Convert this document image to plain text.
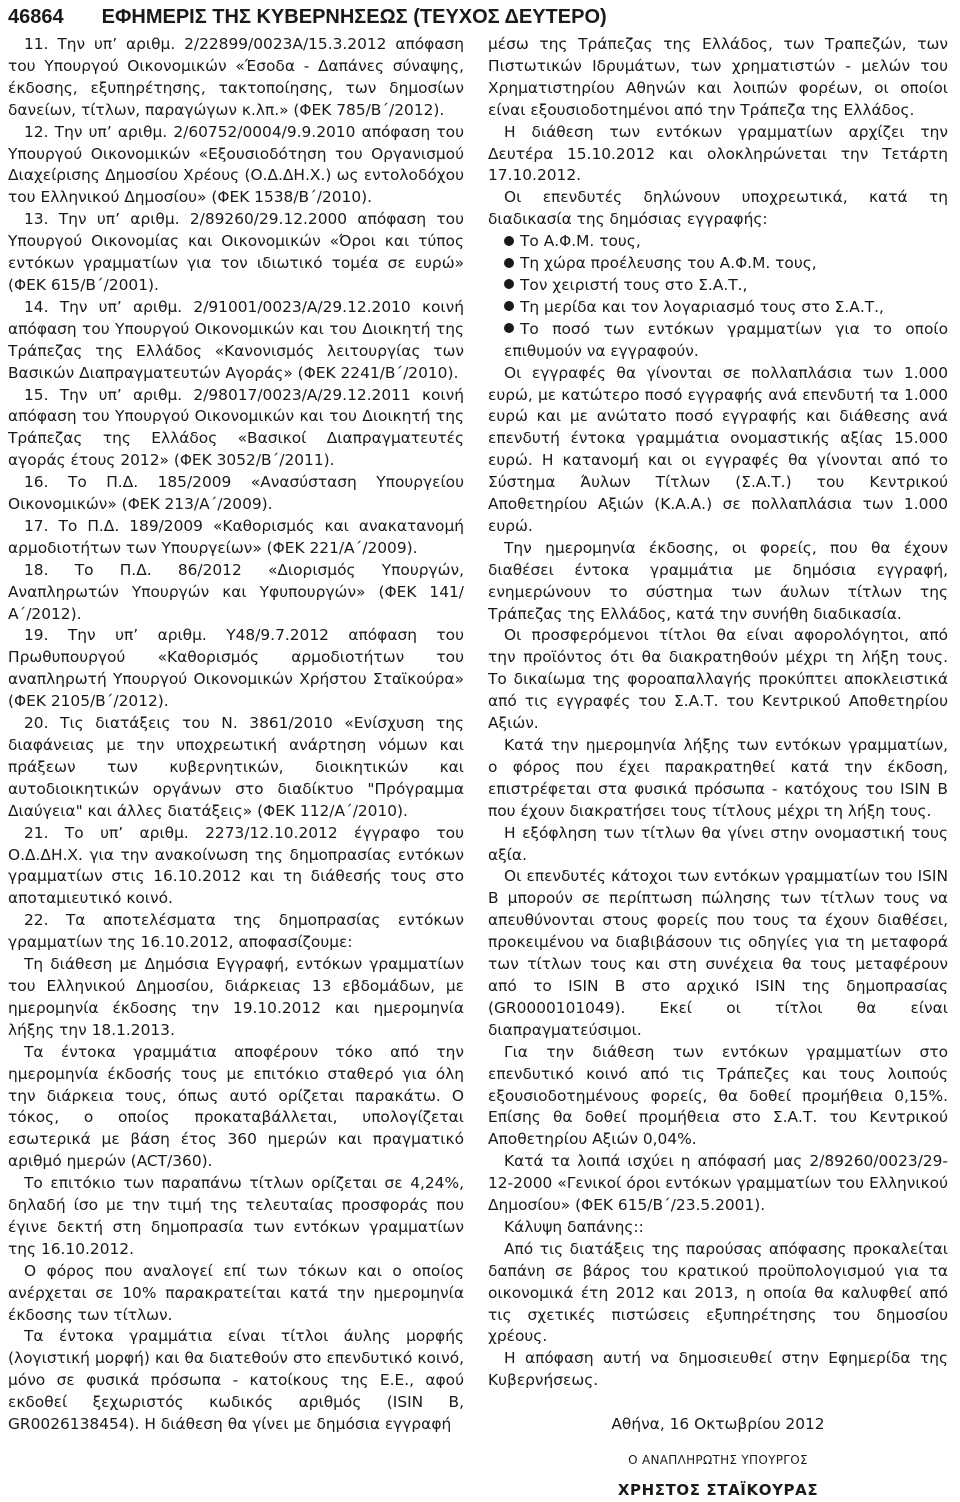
46864 ΕΦΗΜΕΡΙΣ ΤΗΣ ΚΥΒΕΡΝΗΣΕΩΣ (ΤΕΥΧΟΣ ΔΕΥΤΕΡΟ)

11. Την υπ’ αριθμ. 2/22899/0023Α/15.3.2012 απόφαση του Υπουργού Οικονομικών «Έσοδα - Δαπάνες σύναψης, έκδοσης, εξυπηρέτησης, τακτοποίησης, των δημοσίων δανείων, τίτλων, παραγώγων κ.λπ.» (ΦΕΚ 785/Β΄/2012).

12. Την υπ’ αριθμ. 2/60752/0004/9.9.2010 απόφαση του Υπουργού Οικονομικών «Εξουσιοδότηση του Οργανισμού Διαχείρισης Δημοσίου Χρέους (Ο.Δ.ΔΗ.Χ.) ως εντολοδόχου του Ελληνικού Δημοσίου» (ΦΕΚ 1538/Β΄/2010).

13. Την υπ’ αριθμ. 2/89260/29.12.2000 απόφαση του Υπουργού Οικονομίας και Οικονομικών «Όροι και τύπος εντόκων γραμματίων για τον ιδιωτικό τομέα σε ευρώ» (ΦΕΚ 615/Β΄/2001).

14. Την υπ’ αριθμ. 2/91001/0023/Α/29.12.2010 κοινή απόφαση του Υπουργού Οικονομικών και του Διοικητή της Τράπεζας της Ελλάδος «Κανονισμός λειτουργίας των Βασικών Διαπραγματευτών Αγοράς» (ΦΕΚ 2241/Β΄/2010).

15. Την υπ’ αριθμ. 2/98017/0023/Α/29.12.2011 κοινή απόφαση του Υπουργού Οικονομικών και του Διοικητή της Τράπεζας της Ελλάδος «Βασικοί Διαπραγματευτές αγοράς έτους 2012» (ΦΕΚ 3052/Β΄/2011).

16. Το Π.Δ. 185/2009 «Ανασύσταση Υπουργείου Οικονομικών» (ΦΕΚ 213/Α΄/2009).

17. Το Π.Δ. 189/2009 «Καθορισμός και ανακατανομή αρμοδιοτήτων των Υπουργείων» (ΦΕΚ 221/Α΄/2009).

18. Το Π.Δ. 86/2012 «Διορισμός Υπουργών, Αναπληρωτών Υπουργών και Υφυπουργών» (ΦΕΚ 141/Α΄/2012).

19. Την υπ’ αριθμ. Υ48/9.7.2012 απόφαση του Πρωθυπουργού «Καθορισμός αρμοδιοτήτων του αναπληρωτή Υπουργού Οικονομικών Χρήστου Σταϊκούρα» (ΦΕΚ 2105/Β΄/2012).

20. Τις διατάξεις του Ν. 3861/2010 «Ενίσχυση της διαφάνειας με την υποχρεωτική ανάρτηση νόμων και πράξεων των κυβερνητικών, διοικητικών και αυτοδιοικητικών οργάνων στο διαδίκτυο "Πρόγραμμα Διαύγεια" και άλλες διατάξεις» (ΦΕΚ 112/Α΄/2010).

21. Το υπ’ αριθμ. 2273/12.10.2012 έγγραφο του Ο.Δ.ΔΗ.Χ. για την ανακοίνωση της δημοπρασίας εντόκων γραμματίων στις 16.10.2012 και τη διάθεσής τους στο αποταμιευτικό κοινό.

22. Τα αποτελέσματα της δημοπρασίας εντόκων γραμματίων της 16.10.2012, αποφασίζουμε:

Τη διάθεση με Δημόσια Εγγραφή, εντόκων γραμματίων του Ελληνικού Δημοσίου, διάρκειας 13 εβδομάδων, με ημερομηνία έκδοσης την 19.10.2012 και ημερομηνία λήξης την 18.1.2013.

Τα έντοκα γραμμάτια αποφέρουν τόκο από την ημερομηνία έκδοσής τους με επιτόκιο σταθερό για όλη την διάρκεια τους, όπως αυτό ορίζεται παρακάτω. Ο τόκος, ο οποίος προκαταβάλλεται, υπολογίζεται εσωτερικά με βάση έτος 360 ημερών και πραγματικό αριθμό ημερών (ACT/360).

Το επιτόκιο των παραπάνω τίτλων ορίζεται σε 4,24%, δηλαδή ίσο με την τιμή της τελευταίας προσφοράς που έγινε δεκτή στη δημοπρασία των εντόκων γραμματίων της 16.10.2012.

Ο φόρος που αναλογεί επί των τόκων και ο οποίος ανέρχεται σε 10% παρακρατείται κατά την ημερομηνία έκδοσης των τίτλων.

Τα έντοκα γραμμάτια είναι τίτλοι άυλης μορφής (λογιστική μορφή) και θα διατεθούν στο επενδυτικό κοινό, μόνο σε φυσικά πρόσωπα - κατοίκους της Ε.Ε., αφού εκδοθεί ξεχωριστός κωδικός αριθμός (ISIN B, GR0026138454). Η διάθεση θα γίνει με δημόσια εγγραφή

μέσω της Τράπεζας της Ελλάδος, των Τραπεζών, των Πιστωτικών Ιδρυμάτων, των χρηματιστών - μελών του Χρηματιστηρίου Αθηνών και λοιπών φορέων, οι οποίοι είναι εξουσιοδοτημένοι από την Τράπεζα της Ελλάδος.

Η διάθεση των εντόκων γραμματίων αρχίζει την Δευτέρα 15.10.2012 και ολοκληρώνεται την Τετάρτη 17.10.2012.

Οι επενδυτές δηλώνουν υποχρεωτικά, κατά τη διαδικασία της δημόσιας εγγραφής:

Το Α.Φ.Μ. τους,

Τη χώρα προέλευσης του Α.Φ.Μ. τους,

Τον χειριστή τους στο Σ.Α.Τ.,

Τη μερίδα και τον λογαριασμό τους στο Σ.Α.Τ.,

Το ποσό των εντόκων γραμματίων για το οποίο επιθυμούν να εγγραφούν.

Οι εγγραφές θα γίνονται σε πολλαπλάσια των 1.000 ευρώ, με κατώτερο ποσό εγγραφής ανά επενδυτή τα 1.000 ευρώ και με ανώτατο ποσό εγγραφής και διάθεσης ανά επενδυτή έντοκα γραμμάτια ονομαστικής αξίας 15.000 ευρώ. Η κατανομή και οι εγγραφές θα γίνονται από το Σύστημα Άυλων Τίτλων (Σ.Α.Τ.) του Κεντρικού Αποθετηρίου Αξιών (Κ.Α.Α.) σε πολλαπλάσια των 1.000 ευρώ.

Την ημερομηνία έκδοσης, οι φορείς, που θα έχουν διαθέσει έντοκα γραμμάτια με δημόσια εγγραφή, ενημερώνουν το σύστημα των άυλων τίτλων της Τράπεζας της Ελλάδος, κατά την συνήθη διαδικασία.

Οι προσφερόμενοι τίτλοι θα είναι αφορολόγητοι, από την προϊόντος ότι θα διακρατηθούν μέχρι τη λήξη τους. Το δικαίωμα της φοροαπαλλαγής προκύπτει αποκλειστικά από τις εγγραφές του Σ.Α.Τ. του Κεντρικού Αποθετηρίου Αξιών.

Κατά την ημερομηνία λήξης των εντόκων γραμματίων, ο φόρος που έχει παρακρατηθεί κατά την έκδοση, επιστρέφεται στα φυσικά πρόσωπα - κατόχους του ISIN B που έχουν διακρατήσει τους τίτλους μέχρι τη λήξη τους.

Η εξόφληση των τίτλων θα γίνει στην ονομαστική τους αξία.

Οι επενδυτές κάτοχοι των εντόκων γραμματίων του ISIN B μπορούν σε περίπτωση πώλησης των τίτλων τους να απευθύνονται στους φορείς που τους τα έχουν διαθέσει, προκειμένου να διαβιβάσουν τις οδηγίες για τη μεταφορά των τίτλων τους και στη συνέχεια θα τους μεταφέρουν από το ISIN B στο αρχικό ISIN της δημοπρασίας (GR0000101049). Εκεί οι τίτλοι θα είναι διαπραγματεύσιμοι.

Για την διάθεση των εντόκων γραμματίων στο επενδυτικό κοινό από τις Τράπεζες και τους λοιπούς εξουσιοδοτημένους φορείς, θα δοθεί προμήθεια 0,15%. Επίσης θα δοθεί προμήθεια στο Σ.Α.Τ. του Κεντρικού Αποθετηρίου Αξιών 0,04%.

Κατά τα λοιπά ισχύει η απόφασή μας 2/89260/0023/29-12-2000 «Γενικοί όροι εντόκων γραμματίων του Ελληνικού Δημοσίου» (ΦΕΚ 615/Β΄/23.5.2001).

Κάλυψη δαπάνης::

Από τις διατάξεις της παρούσας απόφασης προκαλείται δαπάνη σε βάρος του κρατικού προϋπολογισμού για τα οικονομικά έτη 2012 και 2013, η οποία θα καλυφθεί από τις σχετικές πιστώσεις εξυπηρέτησης του δημοσίου χρέους.

Η απόφαση αυτή να δημοσιευθεί στην Εφημερίδα της Κυβερνήσεως.

Αθήνα, 16 Οκτωβρίου 2012

Ο ΑΝΑΠΛΗΡΩΤΗΣ ΥΠΟΥΡΓΟΣ

ΧΡΗΣΤΟΣ ΣΤΑΪΚΟΥΡΑΣ
